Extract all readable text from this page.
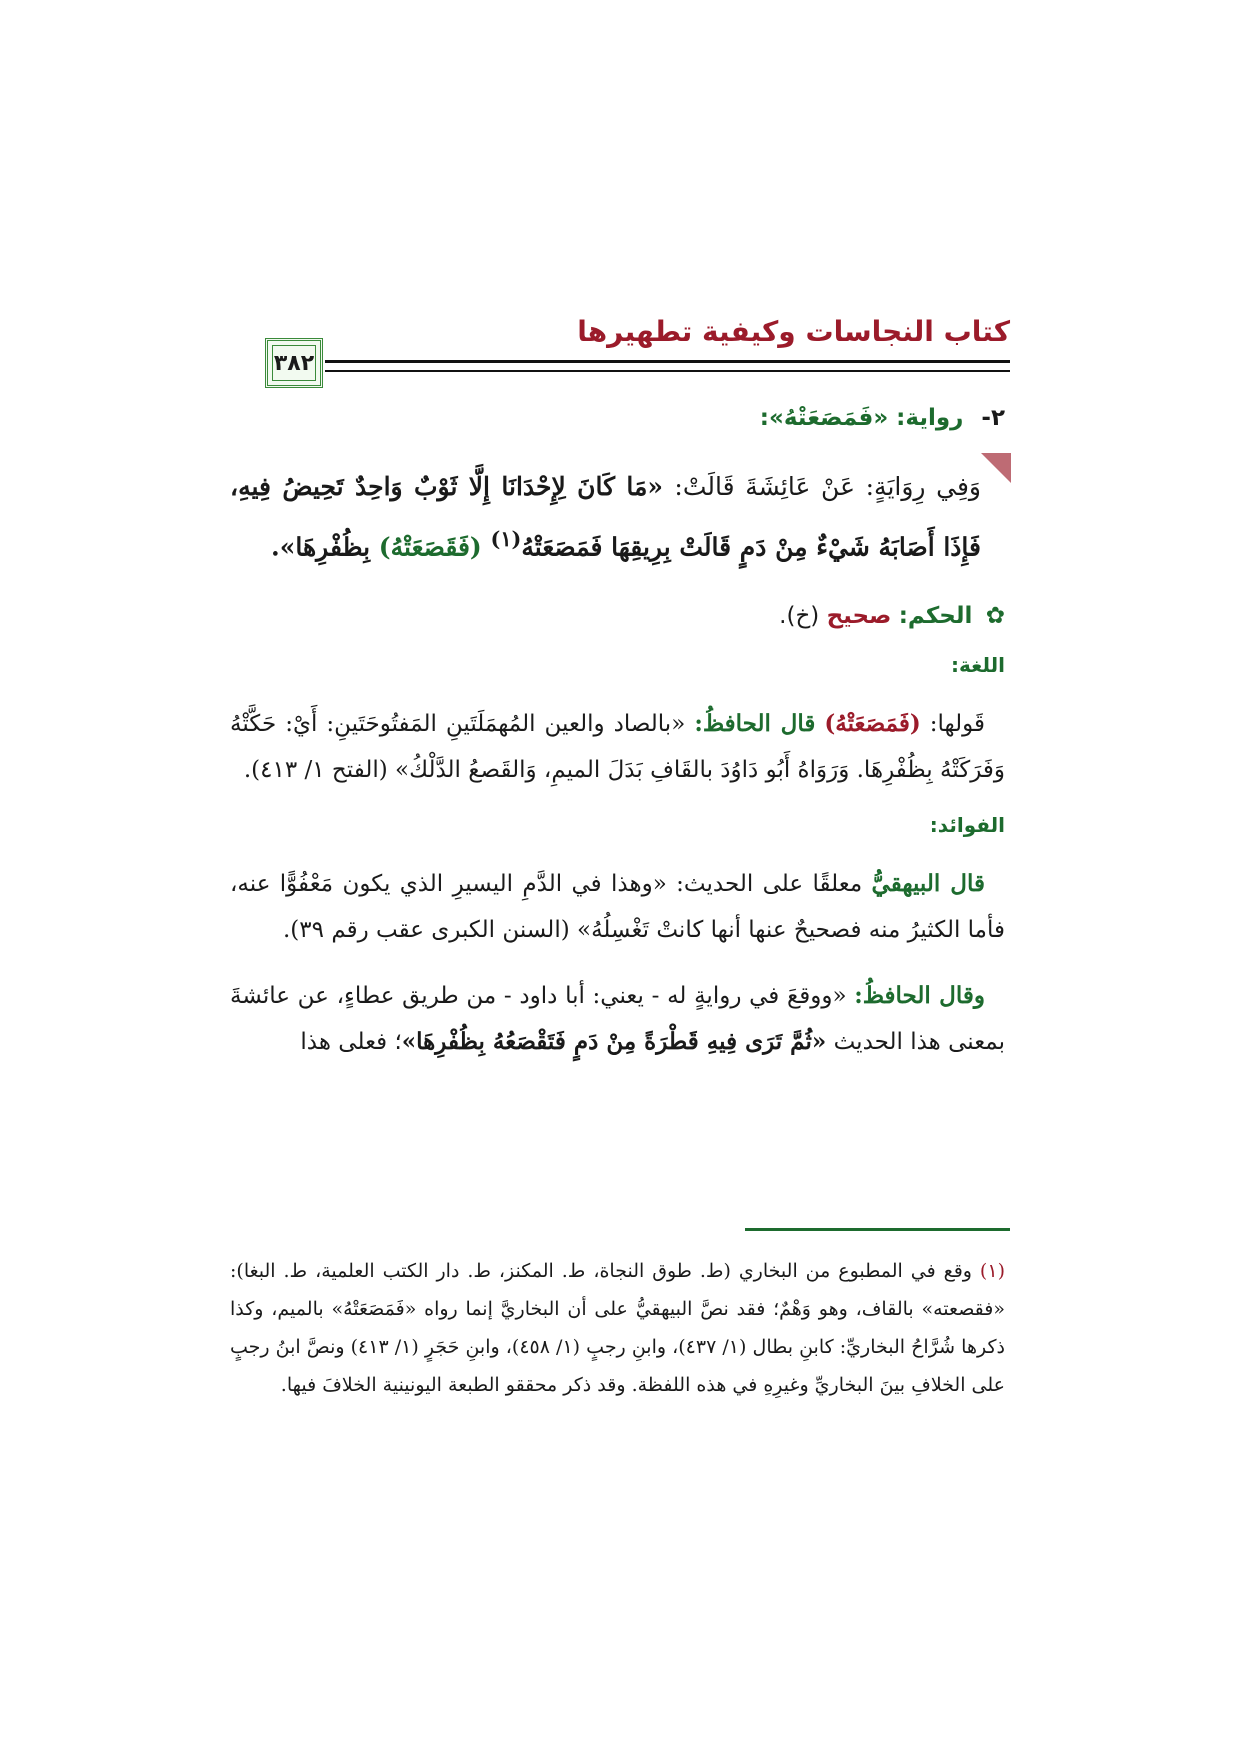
كتاب النجاسات وكيفية تطهيرها
٣٨٢
٢- رواية: «فَمَصَعَتْهُ»:

وَفِي رِوَايَةٍ: عَنْ عَائِشَةَ قَالَتْ: «مَا كَانَ لِإِحْدَانَا إِلَّا ثَوْبٌ وَاحِدٌ تَحِيضُ فِيهِ، فَإِذَا أَصَابَهُ شَيْءٌ مِنْ دَمٍ قَالَتْ بِرِيقِهَا فَمَصَعَتْهُ$^{(١)}$ (فَقَصَعَتْهُ) بِظُفْرِهَا».

✿ الحكم: صحيح (خ).
اللغة:

قَولها: (فَمَصَعَتْهُ) قال الحافظُ: «بالصاد والعين المُهمَلَتَينِ المَفتُوحَتَينِ: أَيْ: حَكَّتْهُ وَفَرَكَتْهُ بِظُفْرِهَا. وَرَوَاهُ أَبُو دَاوُدَ بالقَافِ بَدَلَ الميمِ، وَالقَصعُ الدَّلْكُ» (الفتح ١/ ٤١٣).

الفوائد:

قال البيهقيُّ معلقًا على الحديث: «وهذا في الدَّمِ اليسيرِ الذي يكون مَعْفُوًّا عنه، فأما الكثيرُ منه فصحيحٌ عنها أنها كانتْ تَغْسِلُهُ» (السنن الكبرى عقب رقم ٣٩).

وقال الحافظُ: «ووقعَ في روايةٍ له - يعني: أبا داود - من طريق عطاءٍ، عن عائشةَ بمعنى هذا الحديث «ثُمَّ تَرَى فِيهِ قَطْرَةً مِنْ دَمٍ فَتَقْصَعُهُ بِظُفْرِهَا»؛ فعلى هذا

(١) وقع في المطبوع من البخاري (ط. طوق النجاة، ط. المكنز، ط. دار الكتب العلمية، ط. البغا): «فقصعته» بالقاف، وهو وَهْمٌ؛ فقد نصَّ البيهقيُّ على أن البخاريَّ إنما رواه «فَمَصَعَتْهُ» بالميم، وكذا ذكرها شُرَّاحُ البخاريِّ: كابنِ بطال (١/ ٤٣٧)، وابنِ رجبٍ (١/ ٤٥٨)، وابنِ حَجَرٍ (١/ ٤١٣) ونصَّ ابنُ رجبٍ على الخلافِ بينَ البخاريِّ وغيرِهِ في هذه اللفظة. وقد ذكر محققو الطبعة اليونينية الخلافَ فيها.
